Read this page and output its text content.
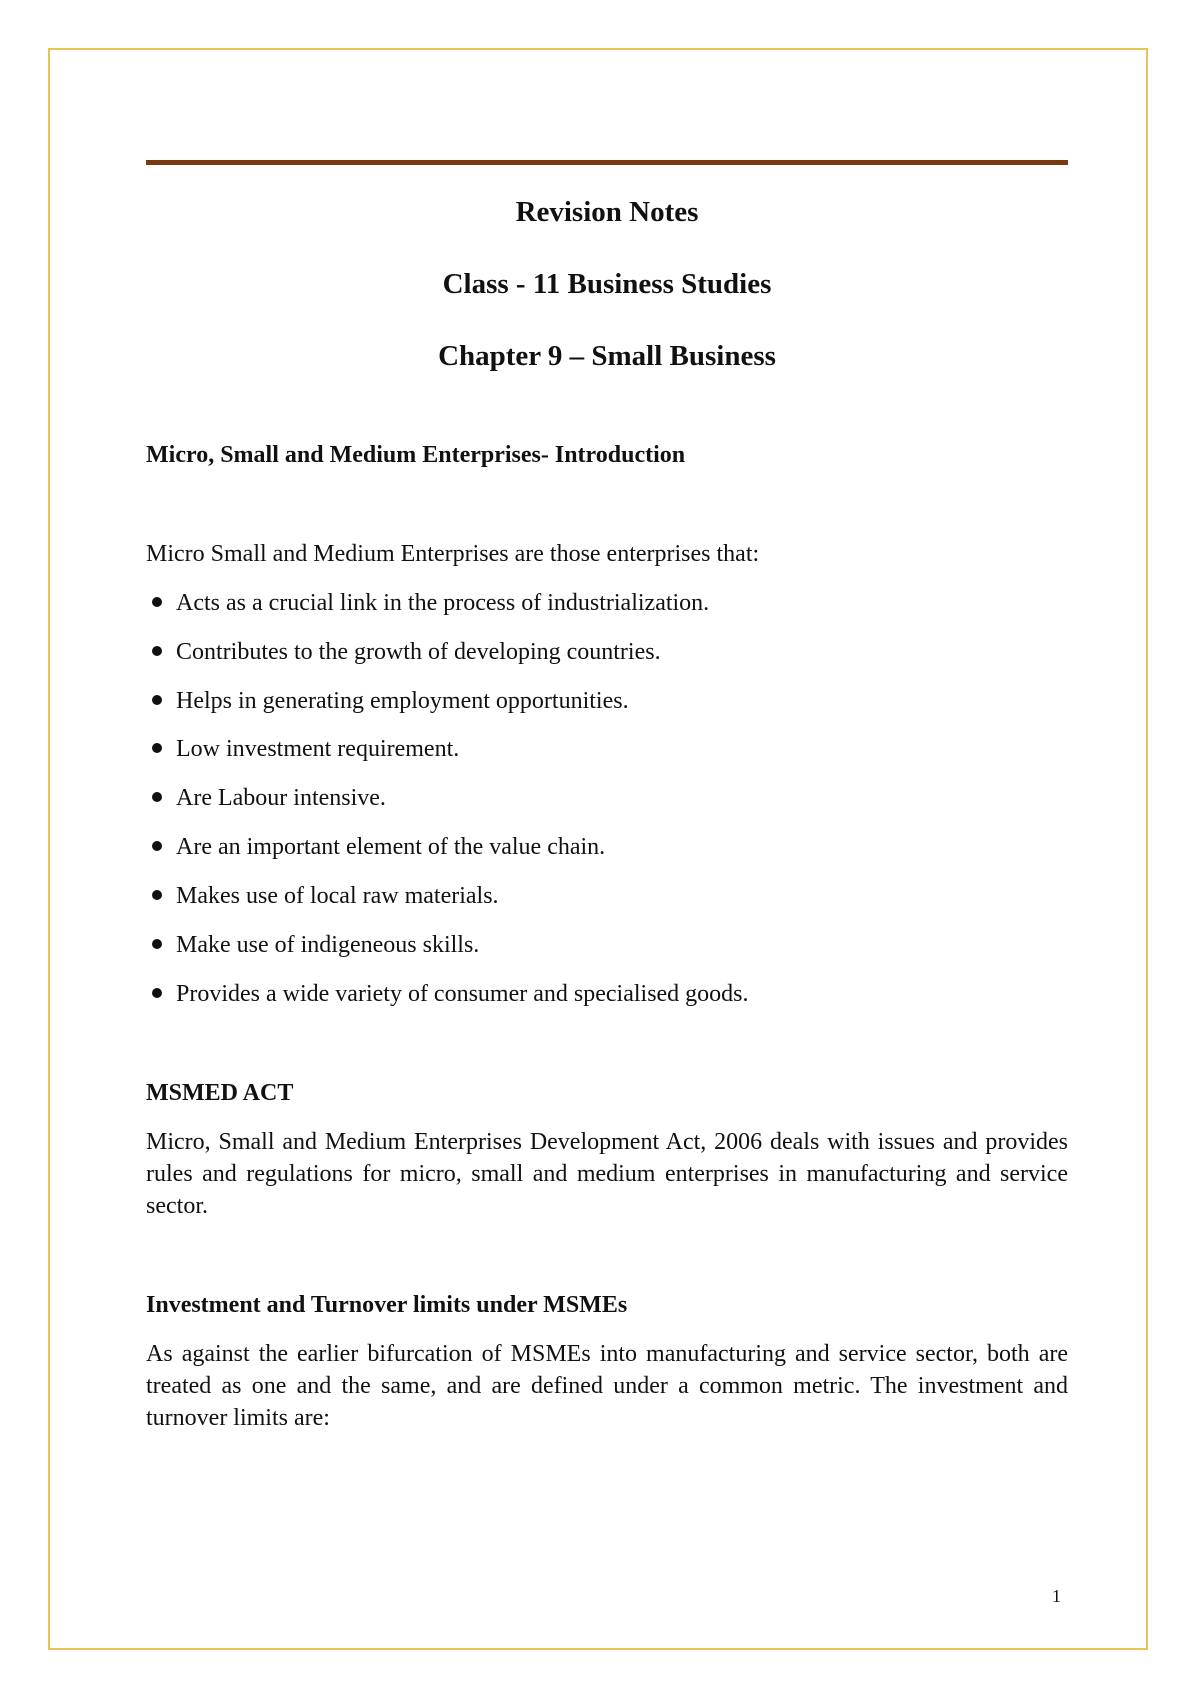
Revision Notes
Class - 11 Business Studies
Chapter 9 – Small Business
Micro, Small and Medium Enterprises- Introduction
Micro Small and Medium Enterprises are those enterprises that:
Acts as a crucial link in the process of industrialization.
Contributes to the growth of developing countries.
Helps in generating employment opportunities.
Low investment requirement.
Are Labour intensive.
Are an important element of the value chain.
Makes use of local raw materials.
Make use of indigeneous skills.
Provides a wide variety of consumer and specialised goods.
MSMED ACT
Micro, Small and Medium Enterprises Development Act, 2006 deals with issues and provides rules and regulations for micro, small and medium enterprises in manufacturing and service sector.
Investment and Turnover limits under MSMEs
As against the earlier bifurcation of MSMEs into manufacturing and service sector, both are treated as one and the same, and are defined under a common metric. The investment and turnover limits are:
1
